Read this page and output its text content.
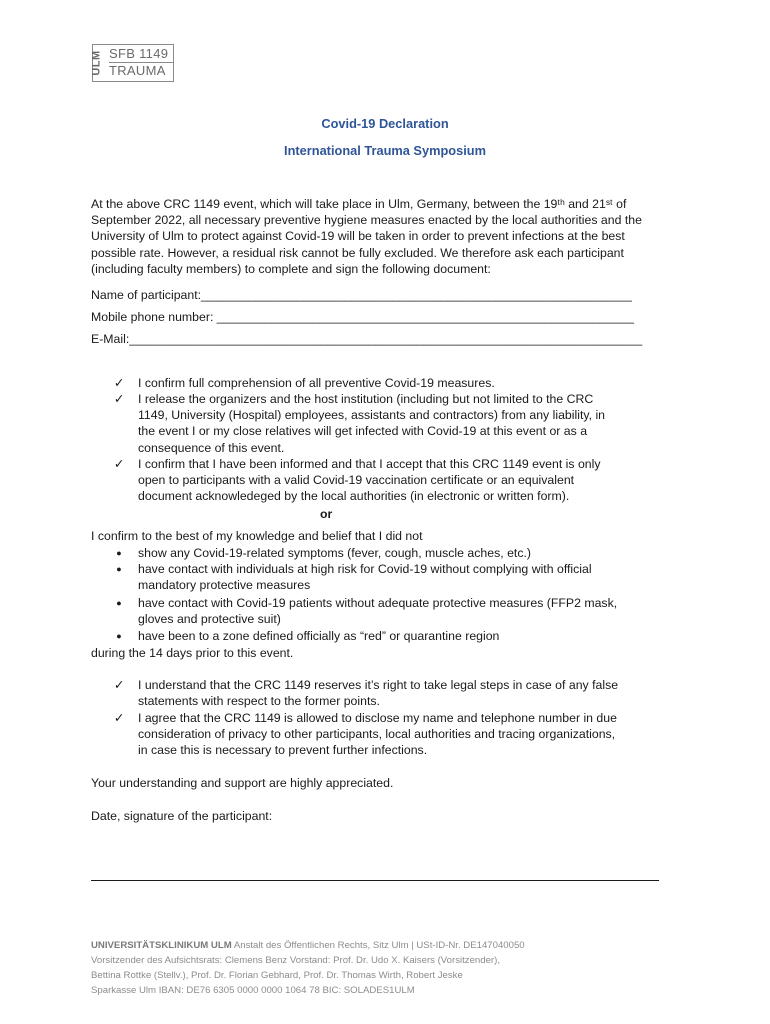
ULM SFB 1149
TRAUMA
Covid-19 Declaration
International Trauma Symposium
At the above CRC 1149 event, which will take place in Ulm, Germany, between the 19ᵗʰ and 21ˢᵗ of
September 2022, all necessary preventive hygiene measures enacted by the local authorities and the
University of Ulm to protect against Covid-19 will be taken in order to prevent infections at the best
possible rate. However, a residual risk cannot be fully excluded. We therefore ask each participant
(including faculty members) to complete and sign the following document:
Name of participant:_______________________________________________________________
Mobile phone number: _____________________________________________________________
E-Mail:___________________________________________________________________________
✓ I confirm full comprehension of all preventive Covid-19 measures.
✓ I release the organizers and the host institution (including but not limited to the CRC
1149, University (Hospital) employees, assistants and contractors) from any liability, in
the event I or my close relatives will get infected with Covid-19 at this event or as a
consequence of this event.
✓ I confirm that I have been informed and that I accept that this CRC 1149 event is only
open to participants with a valid Covid-19 vaccination certificate or an equivalent
document acknowledeged by the local authorities (in electronic or written form).
or
I confirm to the best of my knowledge and belief that I did not
● show any Covid-19-related symptoms (fever, cough, muscle aches, etc.)
● have contact with individuals at high risk for Covid-19 without complying with official
mandatory protective measures
● have contact with Covid-19 patients without adequate protective measures (FFP2 mask,
gloves and protective suit)
● have been to a zone defined officially as “red” or quarantine region
during the 14 days prior to this event.
✓ I understand that the CRC 1149 reserves it’s right to take legal steps in case of any false
statements with respect to the former points.
✓ I agree that the CRC 1149 is allowed to disclose my name and telephone number in due
consideration of privacy to other participants, local authorities and tracing organizations,
in case this is necessary to prevent further infections.
Your understanding and support are highly appreciated.
Date, signature of the participant:
UNIVERSITÄTSKLINIKUM ULM Anstalt des Öffentlichen Rechts, Sitz Ulm | USt-ID-Nr. DE147040050
Vorsitzender des Aufsichtsrats: Clemens Benz Vorstand: Prof. Dr. Udo X. Kaisers (Vorsitzender),
Bettina Rottke (Stellv.), Prof. Dr. Florian Gebhard, Prof. Dr. Thomas Wirth, Robert Jeske
Sparkasse Ulm IBAN: DE76 6305 0000 0000 1064 78 BIC: SOLADES1ULM
